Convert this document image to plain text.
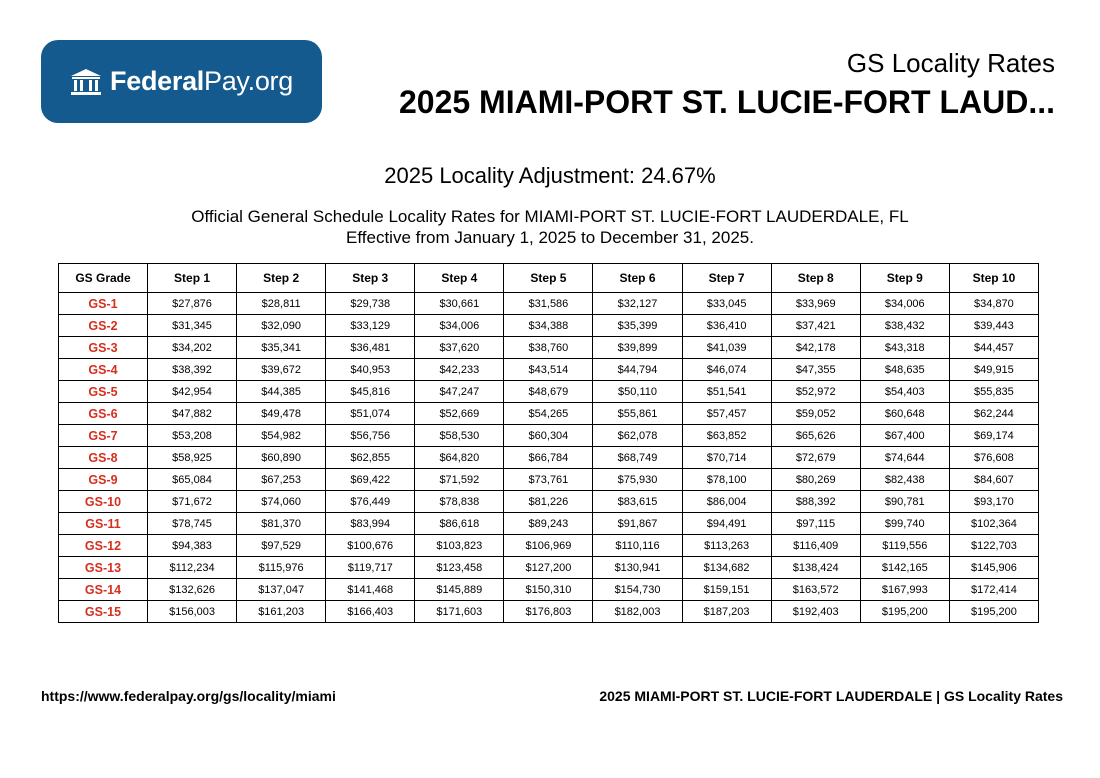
FederalPay.org
GS Locality Rates
2025 MIAMI-PORT ST. LUCIE-FORT LAUD...
2025 Locality Adjustment: 24.67%
Official General Schedule Locality Rates for MIAMI-PORT ST. LUCIE-FORT LAUDERDALE, FL
Effective from January 1, 2025 to December 31, 2025.
GS Grade	Step 1	Step 2	Step 3	Step 4	Step 5	Step 6	Step 7	Step 8	Step 9	Step 10
GS-1	$27,876	$28,811	$29,738	$30,661	$31,586	$32,127	$33,045	$33,969	$34,006	$34,870
GS-2	$31,345	$32,090	$33,129	$34,006	$34,388	$35,399	$36,410	$37,421	$38,432	$39,443
GS-3	$34,202	$35,341	$36,481	$37,620	$38,760	$39,899	$41,039	$42,178	$43,318	$44,457
GS-4	$38,392	$39,672	$40,953	$42,233	$43,514	$44,794	$46,074	$47,355	$48,635	$49,915
GS-5	$42,954	$44,385	$45,816	$47,247	$48,679	$50,110	$51,541	$52,972	$54,403	$55,835
GS-6	$47,882	$49,478	$51,074	$52,669	$54,265	$55,861	$57,457	$59,052	$60,648	$62,244
GS-7	$53,208	$54,982	$56,756	$58,530	$60,304	$62,078	$63,852	$65,626	$67,400	$69,174
GS-8	$58,925	$60,890	$62,855	$64,820	$66,784	$68,749	$70,714	$72,679	$74,644	$76,608
GS-9	$65,084	$67,253	$69,422	$71,592	$73,761	$75,930	$78,100	$80,269	$82,438	$84,607
GS-10	$71,672	$74,060	$76,449	$78,838	$81,226	$83,615	$86,004	$88,392	$90,781	$93,170
GS-11	$78,745	$81,370	$83,994	$86,618	$89,243	$91,867	$94,491	$97,115	$99,740	$102,364
GS-12	$94,383	$97,529	$100,676	$103,823	$106,969	$110,116	$113,263	$116,409	$119,556	$122,703
GS-13	$112,234	$115,976	$119,717	$123,458	$127,200	$130,941	$134,682	$138,424	$142,165	$145,906
GS-14	$132,626	$137,047	$141,468	$145,889	$150,310	$154,730	$159,151	$163,572	$167,993	$172,414
GS-15	$156,003	$161,203	$166,403	$171,603	$176,803	$182,003	$187,203	$192,403	$195,200	$195,200
https://www.federalpay.org/gs/locality/miami	2025 MIAMI-PORT ST. LUCIE-FORT LAUDERDALE | GS Locality Rates
